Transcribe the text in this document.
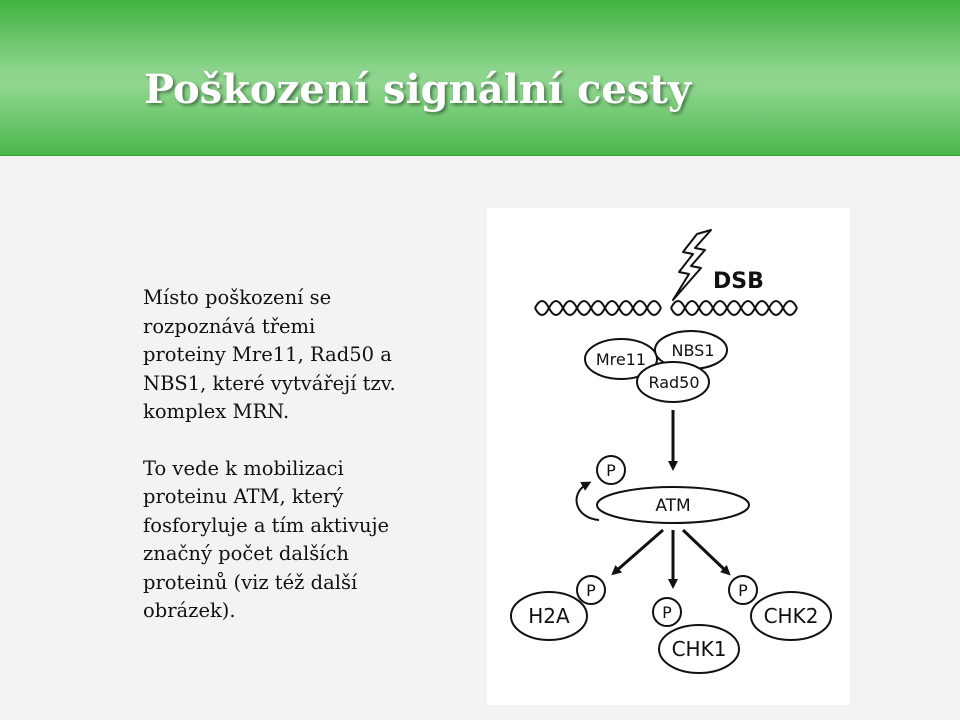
Poškození signální cesty

Místo poškození se rozpoznává třemi proteiny Mre11, Rad50 a NBS1, které vytvářejí tzv. komplex MRN.

To vede k mobilizaci proteinu ATM, který fosforyluje a tím aktivuje značný počet dalších proteinů (viz též další obrázek).

DSB
Mre11 NBS1
Rad50
P
ATM
P
H2A	P
CHK1
P
CHK2
